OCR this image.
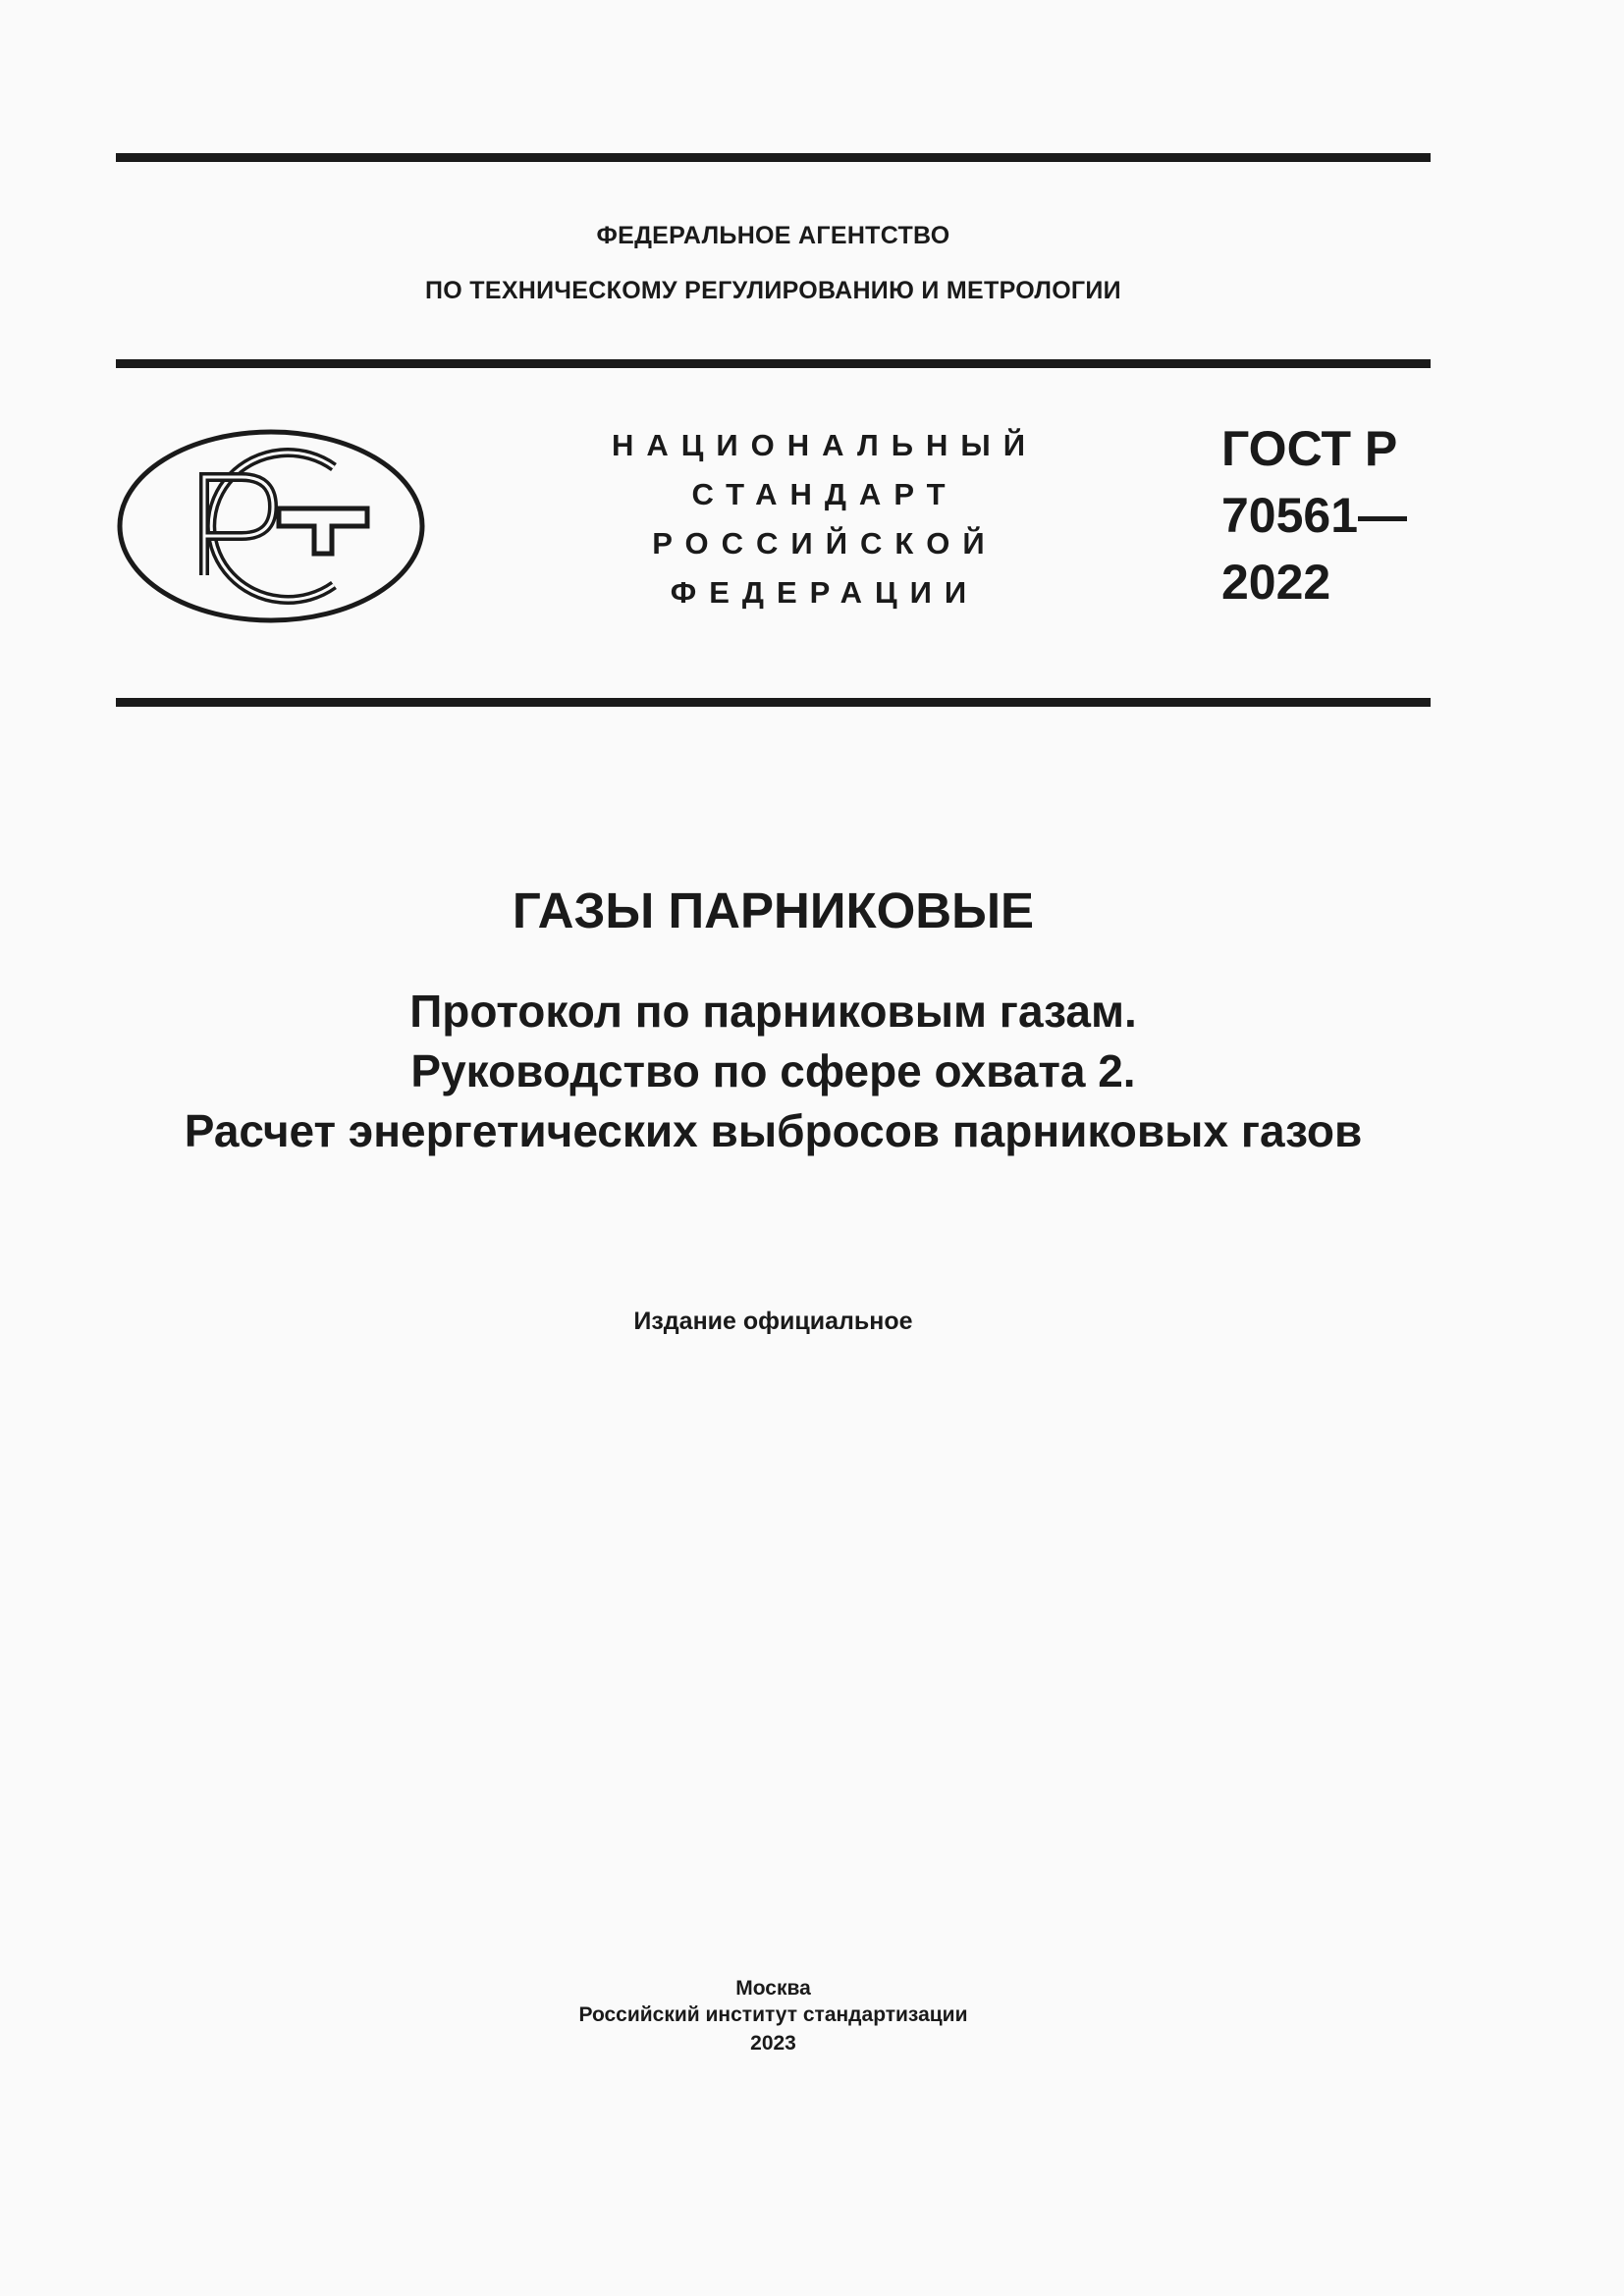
ФЕДЕРАЛЬНОЕ АГЕНТСТВО
ПО ТЕХНИЧЕСКОМУ РЕГУЛИРОВАНИЮ И МЕТРОЛОГИИ
НАЦИОНАЛЬНЫЙ
СТАНДАРТ
РОССИЙСКОЙ
ФЕДЕРАЦИИ
ГОСТ Р
70561—
2022
ГАЗЫ ПАРНИКОВЫЕ
Протокол по парниковым газам.
Руководство по сфере охвата 2.
Расчет энергетических выбросов парниковых газов
Издание официальное
Москва
Российский институт стандартизации
2023
